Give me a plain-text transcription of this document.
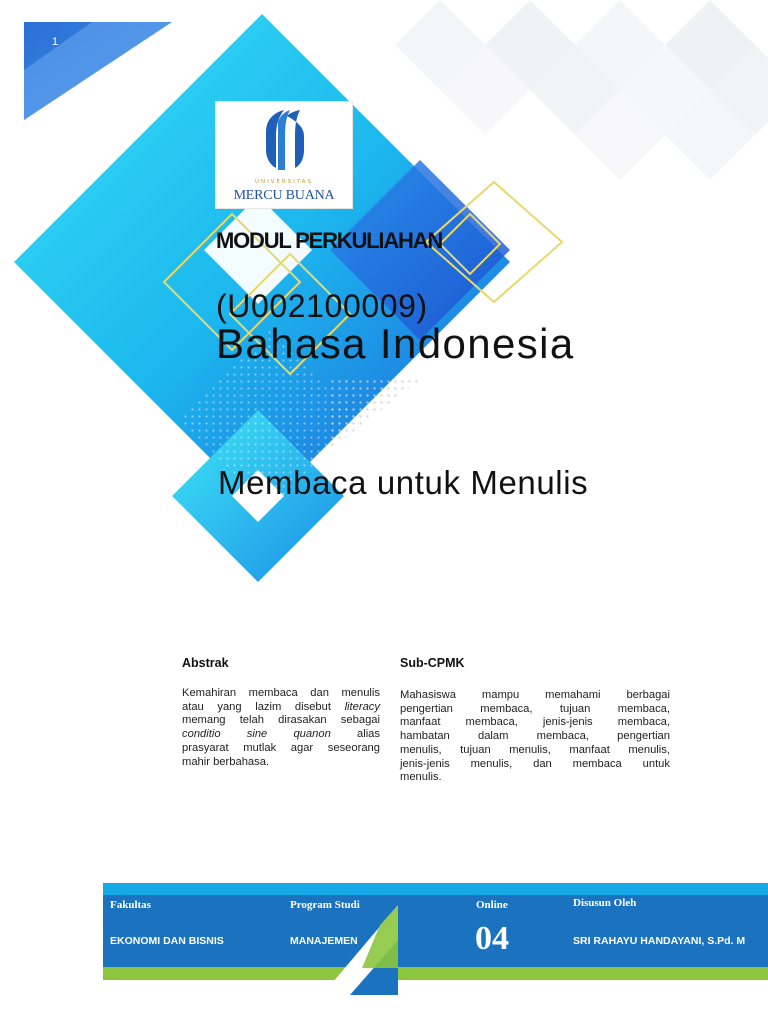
1
UNIVERSITAS
MERCU BUANA
MODUL PERKULIAHAN
(U002100009)
Bahasa Indonesia
Membaca untuk Menulis
Abstrak
Kemahiran membaca dan menulis
atau yang lazim disebut literacy
memang telah dirasakan sebagai
conditio sine quanon alias
prasyarat mutlak agar seseorang
mahir berbahasa.
Sub-CPMK
Mahasiswa mampu memahami berbagai
pengertian membaca, tujuan membaca,
manfaat membaca, jenis-jenis membaca,
hambatan dalam membaca, pengertian
menulis, tujuan menulis, manfaat menulis,
jenis-jenis menulis, dan membaca untuk
menulis.
Fakultas
EKONOMI DAN BISNIS
Program Studi
MANAJEMEN
Online
04
Disusun Oleh
SRI RAHAYU HANDAYANI, S.Pd. M
